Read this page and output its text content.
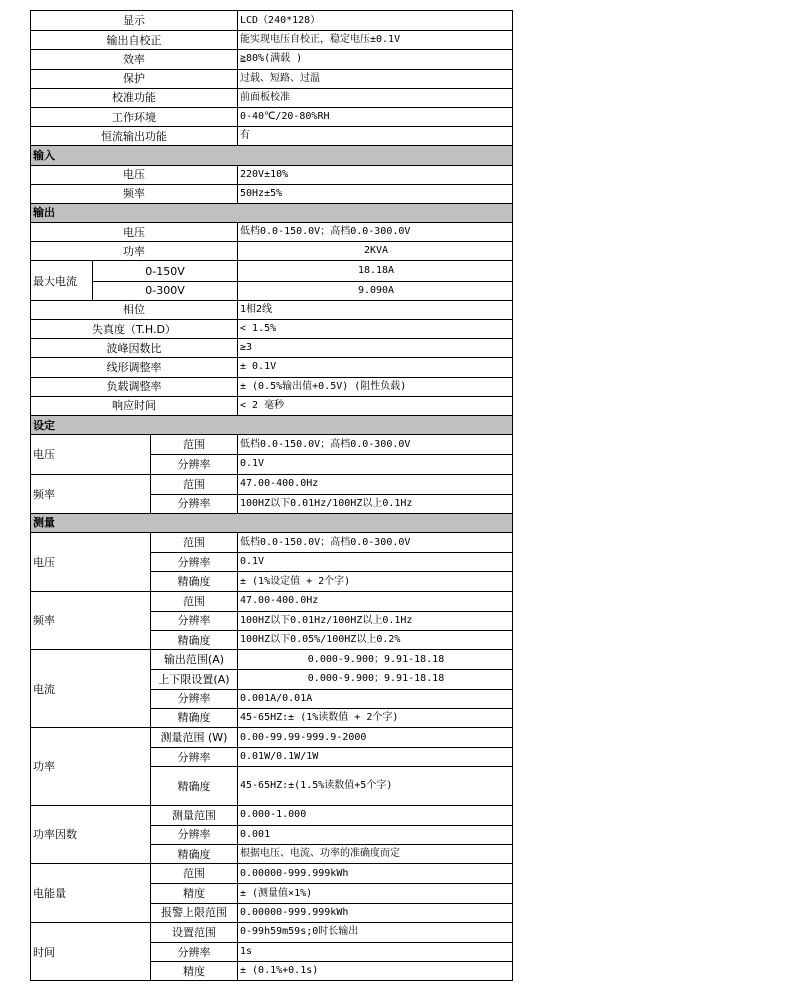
显示	LCD（240*128）
输出自校正	能实现电压自校正，稳定电压±0.1V
效率	≧80%(满载 )
保护	过载、短路、过温
校准功能	前面板校准
工作环境	0-40℃/20-80%RH
恒流输出功能	有
输入
电压	220V±10%
频率	50Hz±5%
输出
电压	低档0.0-150.0V；高档0.0-300.0V
功率	2KVA
最大电流
0-150V	18.18A
0-300V	9.090A
相位	1相2线
失真度（T.H.D）	< 1.5%
波峰因数比	≥3
线形调整率	± 0.1V
负载调整率	± (0.5%输出值+0.5V) (阻性负载)
响应时间	< 2 毫秒
设定
电压
范围	低档0.0-150.0V；高档0.0-300.0V
分辨率	0.1V
频率
范围	47.00-400.0Hz
分辨率	100HZ以下0.01Hz/100HZ以上0.1Hz
测量
电压
范围	低档0.0-150.0V；高档0.0-300.0V
分辨率	0.1V
精确度	± (1%设定值 + 2个字)
频率
范围	47.00-400.0Hz
分辨率	100HZ以下0.01Hz/100HZ以上0.1Hz
精确度	100HZ以下0.05%/100HZ以上0.2%
电流
输出范围(A)	0.000-9.900；9.91-18.18
上下限设置(A)	0.000-9.900；9.91-18.18
分辨率	0.001A/0.01A
精确度	45-65HZ:± (1%读数值 + 2个字)
功率
测量范围 (W)	0.00-99.99-999.9-2000
分辨率	0.01W/0.1W/1W
精确度	45-65HZ:±(1.5%读数值+5个字)
功率因数
测量范围	0.000-1.000
分辨率	0.001
精确度	根据电压、电流、功率的准确度而定
电能量
范围	0.00000-999.999kWh
精度	± (测量值×1%)
报警上限范围	0.00000-999.999kWh
时间
设置范围	0-99h59m59s;0时长输出
分辨率	1s
精度	± (0.1%+0.1s)
